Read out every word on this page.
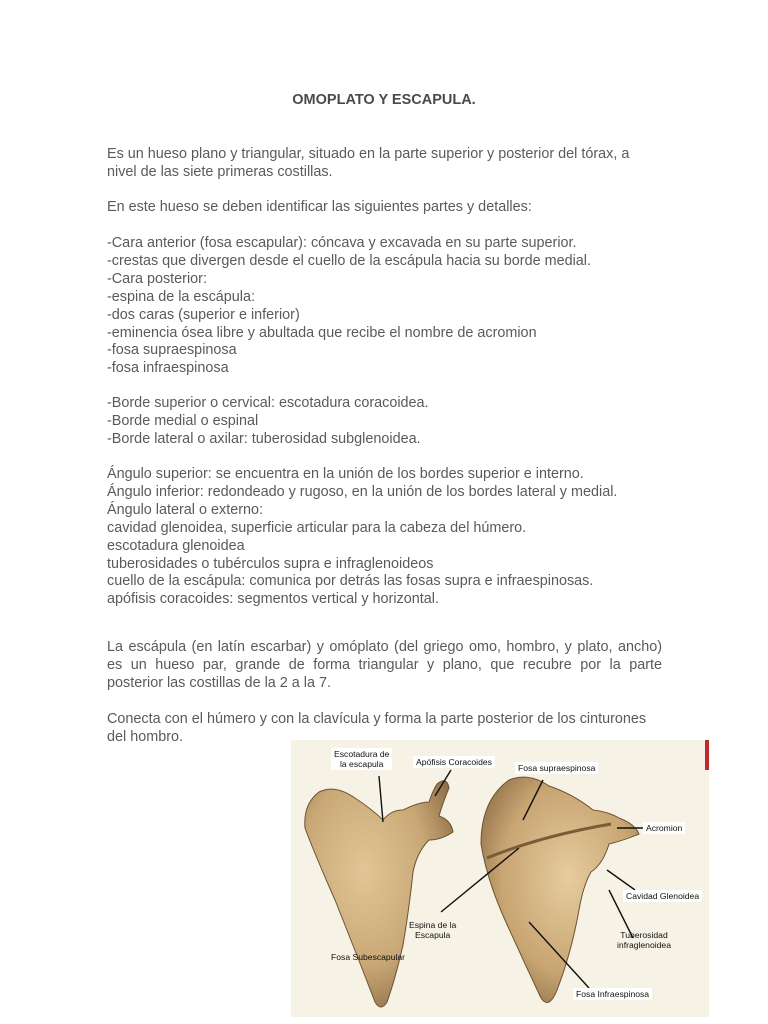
OMOPLATO Y ESCAPULA.
Es un hueso plano y triangular, situado en la parte superior y posterior del tórax, a
nivel de las siete primeras costillas.
En este hueso se deben identificar las siguientes partes y detalles:
-Cara anterior (fosa escapular): cóncava y excavada en su parte superior.
-crestas que divergen desde el cuello de la escápula hacia su borde medial.
-Cara posterior:
-espina de la escápula:
-dos caras (superior e inferior)
-eminencia ósea libre y abultada que recibe el nombre de acromion
-fosa supraespinosa
-fosa infraespinosa
-Borde superior o cervical: escotadura coracoidea.
-Borde medial o espinal
-Borde lateral o axilar: tuberosidad subglenoidea.
Ángulo superior: se encuentra en la unión de los bordes superior e interno.
Ángulo inferior: redondeado y rugoso, en la unión de los bordes lateral y medial.
Ángulo lateral o externo:
cavidad glenoidea, superficie articular para la cabeza del húmero.
escotadura glenoidea
tuberosidades o tubérculos supra e infraglenoideos
cuello de la escápula: comunica por detrás las fosas supra e infraespinosas.
apófisis coracoides: segmentos vertical y horizontal.
La escápula (en latín escarbar) y omóplato (del griego omo, hombro, y plato, ancho)
es un hueso par, grande de forma triangular y plano, que recubre por la parte
posterior las costillas de la 2 a la 7.
Conecta con el húmero y con la clavícula y forma la parte posterior de los cinturones
del hombro.
Escotadura de
la escapula	Apófisis Coracoides
Fosa supraespinosa
Acromion
Cavidad Glenoidea
Espina de la
Escapula	Tuberosidad
infraglenoidea
Fosa Subescapular
Fosa Infraespinosa
